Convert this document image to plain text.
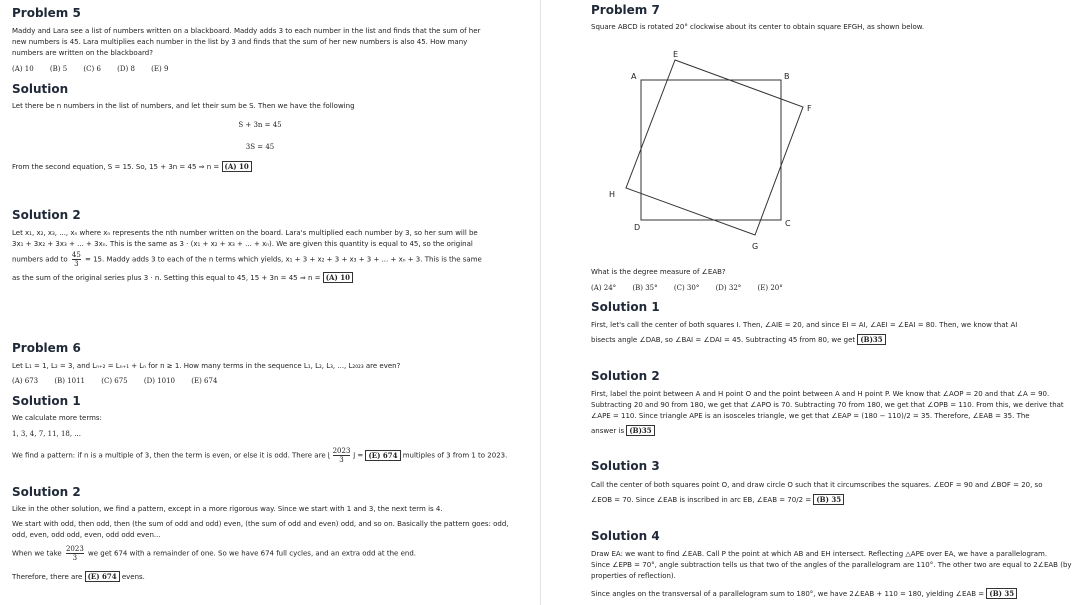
Problem 5

Maddy and Lara see a list of numbers written on a blackboard. Maddy adds 3 to each number in the list and finds that the sum of her new numbers is 45. Lara multiplies each number in the list by 3 and finds that the sum of her new numbers is also 45. How many numbers are written on the blackboard?

(A) 10 (B) 5 (C) 6 (D) 8 (E) 9
Solution

Let there be n numbers in the list of numbers, and let their sum be S. Then we have the following

S + 3n = 45

3S = 45

From the second equation, S = 15. So, 15 + 3n = 45 ⇒ n = (A) 10

Solution 2

Let x₁, x₂, x₃, ..., xₙ where xₙ represents the nth number written on the board. Lara's multiplied each number by 3, so her sum will be

3x₁ + 3x₂ + 3x₃ + ... + 3xₙ. This is the same as 3 · (x₁ + x₂ + x₃ + ... + xₙ). We are given this quantity is equal to 45, so the original

numbers add to $\frac{45}{3} = 15$. Maddy adds 3 to each of the n terms which yields, x₁ + 3 + x₂ + 3 + x₃ + 3 + ... + xₙ + 3. This is the same

as the sum of the original series plus 3 · n. Setting this equal to 45, 15 + 3n = 45 ⇒ n = (A) 10

Problem 6

Let L₁ = 1, L₂ = 3, and Lₙ₊₂ = Lₙ₊₁ + Lₙ for n ≥ 1. How many terms in the sequence L₁, L₂, L₃, ..., L₂₀₂₃ are even?

(A) 673 (B) 1011 (C) 675 (D) 1010 (E) 674
Solution 1

We calculate more terms:

1, 3, 4, 7, 11, 18, ...

We find a pattern: if n is a multiple of 3, then the term is even, or else it is odd. There are ⌊ $\frac{2023}{3}$ ⌋ = (E) 674 multiples of 3 from 1 to 2023.

Solution 2

Like in the other solution, we find a pattern, except in a more rigorous way. Since we start with 1 and 3, the next term is 4.

We start with odd, then odd, then (the sum of odd and odd) even, (the sum of odd and even) odd, and so on. Basically the pattern goes: odd, odd, even, odd odd, even, odd odd even...

When we take $\frac{2023}{3}$ we get 674 with a remainder of one. So we have 674 full cycles, and an extra odd at the end.

Therefore, there are (E) 674 evens.

Problem 7

Square ABCD is rotated 20° clockwise about its center to obtain square EFGH, as shown below.

A	B
C
D
E
F
G
H

What is the degree measure of ∠EAB?

(A) 24° (B) 35° (C) 30° (D) 32° (E) 20°
Solution 1

First, let's call the center of both squares I. Then, ∠AIE = 20, and since EI = AI, ∠AEI = ∠EAI = 80. Then, we know that AI

bisects angle ∠DAB, so ∠BAI = ∠DAI = 45. Subtracting 45 from 80, we get (B)35

Solution 2

First, label the point between A and H point O and the point between A and H point P. We know that ∠AOP = 20 and that ∠A = 90.

Subtracting 20 and 90 from 180, we get that ∠APO is 70. Subtracting 70 from 180, we get that ∠OPB = 110. From this, we derive that

∠APE = 110. Since triangle APE is an isosceles triangle, we get that ∠EAP = (180 − 110)/2 = 35. Therefore, ∠EAB = 35. The

answer is (B)35

Solution 3

Call the center of both squares point O, and draw circle O such that it circumscribes the squares. ∠EOF = 90 and ∠BOF = 20, so

∠EOB = 70. Since ∠EAB is inscribed in arc EB, ∠EAB = 70/2 = (B) 35

Solution 4

Draw EA: we want to find ∠EAB. Call P the point at which AB and EH intersect. Reflecting △APE over EA, we have a parallelogram.

Since ∠EPB = 70°, angle subtraction tells us that two of the angles of the parallelogram are 110°. The other two are equal to 2∠EAB (by properties of reflection).

Since angles on the transversal of a parallelogram sum to 180°, we have 2∠EAB + 110 = 180, yielding ∠EAB = (B) 35
